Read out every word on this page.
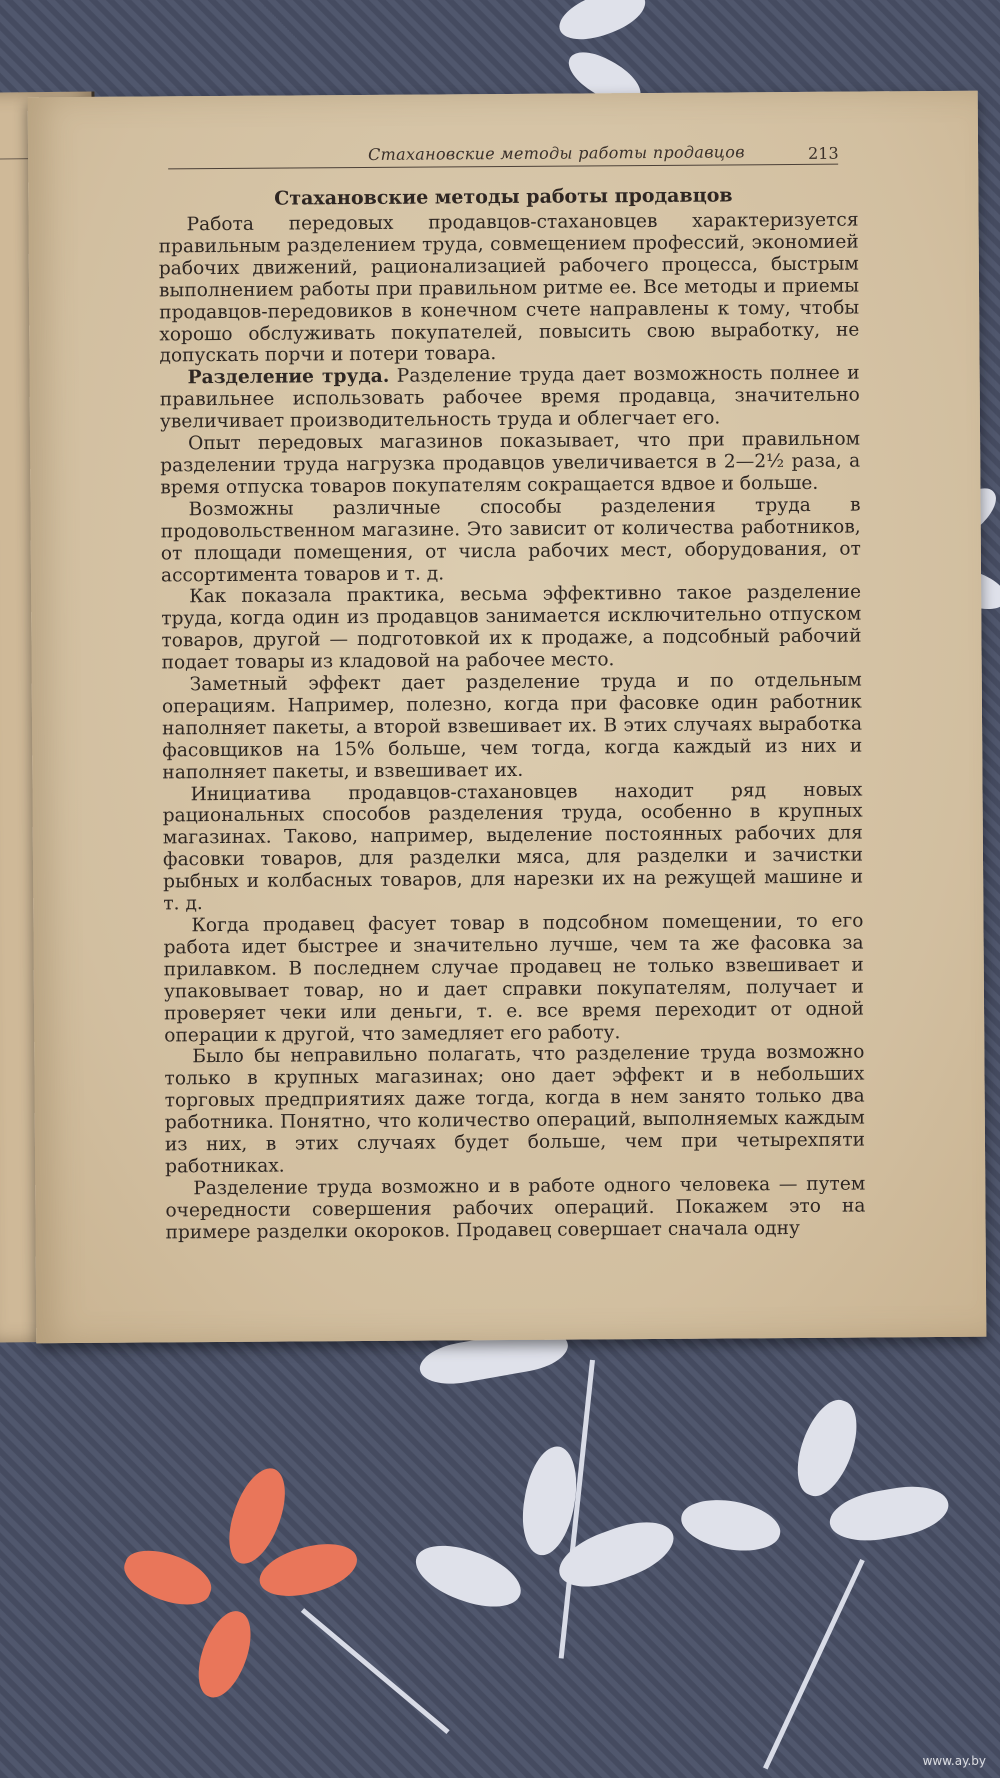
Стахановские методы работы продавцов	213
Стахановские методы работы продавцов

Работа передовых продавцов-стахановцев характеризуется правильным разделением труда, совмещением профессий, экономией рабочих движений, рационализацией рабочего процесса, быстрым выполнением работы при правильном ритме ее. Все методы и приемы продавцов-передовиков в конечном счете направлены к тому, чтобы хорошо обслуживать покупателей, повысить свою выработку, не допускать порчи и потери товара.

Разделение труда. Разделение труда дает возможность полнее и правильнее использовать рабочее время продавца, значительно увеличивает производительность труда и облегчает его.

Опыт передовых магазинов показывает, что при правильном разделении труда нагрузка продавцов увеличивается в 2—2½ раза, а время отпуска товаров покупателям сокращается вдвое и больше.

Возможны различные способы разделения труда в продовольственном магазине. Это зависит от количества работников, от площади помещения, от числа рабочих мест, оборудования, от ассортимента товаров и т. д.

Как показала практика, весьма эффективно такое разделение труда, когда один из продавцов занимается исключительно отпуском товаров, другой — подготовкой их к продаже, а подсобный рабочий подает товары из кладовой на рабочее место.

Заметный эффект дает разделение труда и по отдельным операциям. Например, полезно, когда при фасовке один работник наполняет пакеты, а второй взвешивает их. В этих случаях выработка фасовщиков на 15% больше, чем тогда, когда каждый из них и наполняет пакеты, и взвешивает их.

Инициатива продавцов-стахановцев находит ряд новых рациональных способов разделения труда, особенно в крупных магазинах. Таково, например, выделение постоянных рабочих для фасовки товаров, для разделки мяса, для разделки и зачистки рыбных и колбасных товаров, для нарезки их на режущей машине и т. д.

Когда продавец фасует товар в подсобном помещении, то его работа идет быстрее и значительно лучше, чем та же фасовка за прилавком. В последнем случае продавец не только взвешивает и упаковывает товар, но и дает справки покупателям, получает и проверяет чеки или деньги, т. е. все время переходит от одной операции к другой, что замедляет его работу.

Было бы неправильно полагать, что разделение труда возможно только в крупных магазинах; оно дает эффект и в небольших торговых предприятиях даже тогда, когда в нем занято только два работника. Понятно, что количество операций, выполняемых каждым из них, в этих случаях будет больше, чем при четырехпяти работниках.

Разделение труда возможно и в работе одного человека — путем очередности совершения рабочих операций. Покажем это на примере разделки окороков. Продавец совершает сначала одну

www.ay.by
